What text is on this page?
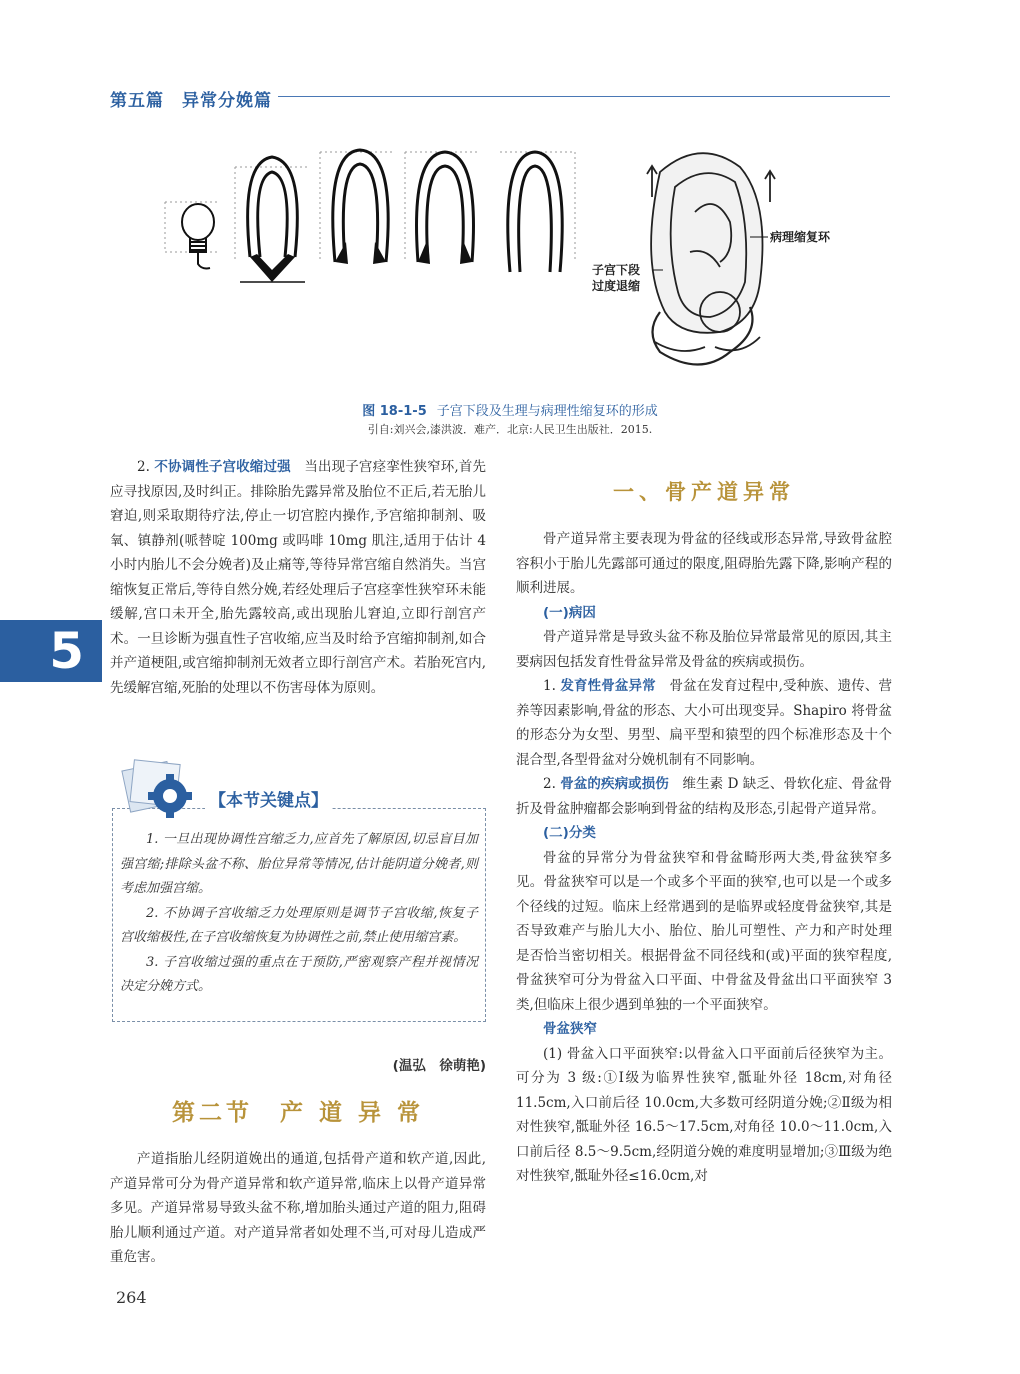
第五篇　异常分娩篇
病理缩复环
子宫下段
过度退缩
图 18-1-5 子宫下段及生理与病理性缩复环的形成
引自:刘兴会,漆洪波．难产．北京:人民卫生出版社．2015.
5

2. 不协调性子宫收缩过强　 当出现子宫痉挛性狭窄环,首先应寻找原因,及时纠正。排除胎先露异常及胎位不正后,若无胎儿窘迫,则采取期待疗法,停止一切宫腔内操作,予宫缩抑制剂、吸氧、镇静剂(哌替啶 100mg 或吗啡 10mg 肌注,适用于估计 4 小时内胎儿不会分娩者)及止痛等,等待异常宫缩自然消失。当宫缩恢复正常后,等待自然分娩,若经处理后子宫痉挛性狭窄环未能缓解,宫口未开全,胎先露较高,或出现胎儿窘迫,立即行剖宫产术。一旦诊断为强直性子宫收缩,应当及时给予宫缩抑制剂,如合并产道梗阻,或宫缩抑制剂无效者立即行剖宫产术。若胎死宫内,先缓解宫缩,死胎的处理以不伤害母体为原则。

【本节关键点】

1. 一旦出现协调性宫缩乏力,应首先了解原因,切忌盲目加强宫缩;排除头盆不称、胎位异常等情况,估计能阴道分娩者,则考虑加强宫缩。

2. 不协调子宫收缩乏力处理原则是调节子宫收缩,恢复子宫收缩极性,在子宫收缩恢复为协调性之前,禁止使用缩宫素。

3. 子宫收缩过强的重点在于预防,严密观察产程并视情况决定分娩方式。

(温弘　徐萌艳)
第二节　产 道 异 常

产道指胎儿经阴道娩出的通道,包括骨产道和软产道,因此,产道异常可分为骨产道异常和软产道异常,临床上以骨产道异常多见。产道异常易导致头盆不称,增加胎头通过产道的阻力,阻碍胎儿顺利通过产道。对产道异常者如处理不当,可对母儿造成严重危害。

一、骨产道异常

骨产道异常主要表现为骨盆的径线或形态异常,导致骨盆腔容积小于胎儿先露部可通过的限度,阻碍胎先露下降,影响产程的顺利进展。

(一)病因

骨产道异常是导致头盆不称及胎位异常最常见的原因,其主要病因包括发育性骨盆异常及骨盆的疾病或损伤。

1. 发育性骨盆异常　 骨盆在发育过程中,受种族、遗传、营养等因素影响,骨盆的形态、大小可出现变异。Shapiro 将骨盆的形态分为女型、男型、扁平型和猿型的四个标准形态及十个混合型,各型骨盆对分娩机制有不同影响。

2. 骨盆的疾病或损伤　 维生素 D 缺乏、骨软化症、骨盆骨折及骨盆肿瘤都会影响到骨盆的结构及形态,引起骨产道异常。

(二)分类

骨盆的异常分为骨盆狭窄和骨盆畸形两大类,骨盆狭窄多见。骨盆狭窄可以是一个或多个平面的狭窄,也可以是一个或多个径线的过短。临床上经常遇到的是临界或轻度骨盆狭窄,其是否导致难产与胎儿大小、胎位、胎儿可塑性、产力和产时处理是否恰当密切相关。根据骨盆不同径线和(或)平面的狭窄程度,骨盆狭窄可分为骨盆入口平面、中骨盆及骨盆出口平面狭窄 3 类,但临床上很少遇到单独的一个平面狭窄。

骨盆狭窄

(1) 骨盆入口平面狭窄:以骨盆入口平面前后径狭窄为主。可分为 3 级:①Ⅰ级为临界性狭窄,骶耻外径 18cm,对角径 11.5cm,入口前后径 10.0cm,大多数可经阴道分娩;②Ⅱ级为相对性狭窄,骶耻外径 16.5～17.5cm,对角径 10.0～11.0cm,入口前后径 8.5～9.5cm,经阴道分娩的难度明显增加;③Ⅲ级为绝对性狭窄,骶耻外径≤16.0cm,对

264
